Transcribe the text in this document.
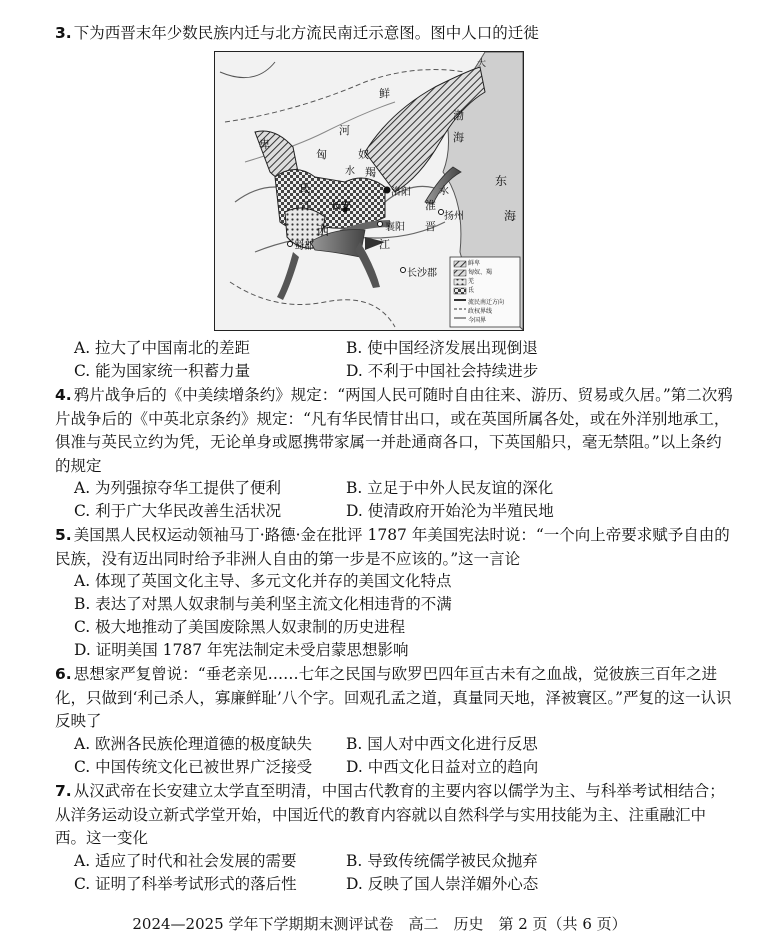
3. 下为西晋末年少数民族内迁与北方流民南迁示意图。图中人口的迁徙

大
鲜
卑
匈	奴
河
水 羯
渤
海
洛阳
长安
江
氐
西	襄阳 晋
淮
水
扬州
蜀郡	江
长沙郡
东
海
鲜卑
匈奴、羯
羌
氐
流民南迁方向
政权界线
今国界
A. 拉大了中国南北的差距	B. 使中国经济发展出现倒退
C. 能为国家统一积蓄力量	D. 不利于中国社会持续进步

4. 鸦片战争后的《中美续增条约》规定：“两国人民可随时自由往来、游历、贸易或久居。”第二次鸦片战争后的《中英北京条约》规定：“凡有华民情甘出口，或在英国所属各处，或在外洋别地承工，俱准与英民立约为凭，无论单身或愿携带家属一并赴通商各口，下英国船只，毫无禁阻。”以上条约的规定

A. 为列强掠夺华工提供了便利	B. 立足于中外人民友谊的深化
C. 利于广大华民改善生活状况	D. 使清政府开始沦为半殖民地

5. 美国黑人民权运动领袖马丁·路德·金在批评 1787 年美国宪法时说：“一个向上帝要求赋予自由的民族，没有迈出同时给予非洲人自由的第一步是不应该的。”这一言论

A. 体现了英国文化主导、多元文化并存的美国文化特点
B. 表达了对黑人奴隶制与美利坚主流文化相违背的不满
C. 极大地推动了美国废除黑人奴隶制的历史进程
D. 证明美国 1787 年宪法制定未受启蒙思想影响

6. 思想家严复曾说：“垂老亲见……七年之民国与欧罗巴四年亘古未有之血战，觉彼族三百年之进化，只做到‘利己杀人，寡廉鲜耻’八个字。回观孔孟之道，真量同天地，泽被寰区。”严复的这一认识反映了

A. 欧洲各民族伦理道德的极度缺失 B. 国人对中西文化进行反思
C. 中国传统文化已被世界广泛接受 D. 中西文化日益对立的趋向

7. 从汉武帝在长安建立太学直至明清，中国古代教育的主要内容以儒学为主、与科举考试相结合；从洋务运动设立新式学堂开始，中国近代的教育内容就以自然科学与实用技能为主、注重融汇中西。这一变化

A. 适应了时代和社会发展的需要	B. 导致传统儒学被民众抛弃
C. 证明了科举考试形式的落后性	D. 反映了国人崇洋媚外心态
2024—2025 学年下学期期末测评试卷　高二　历史　第 2 页（共 6 页）
